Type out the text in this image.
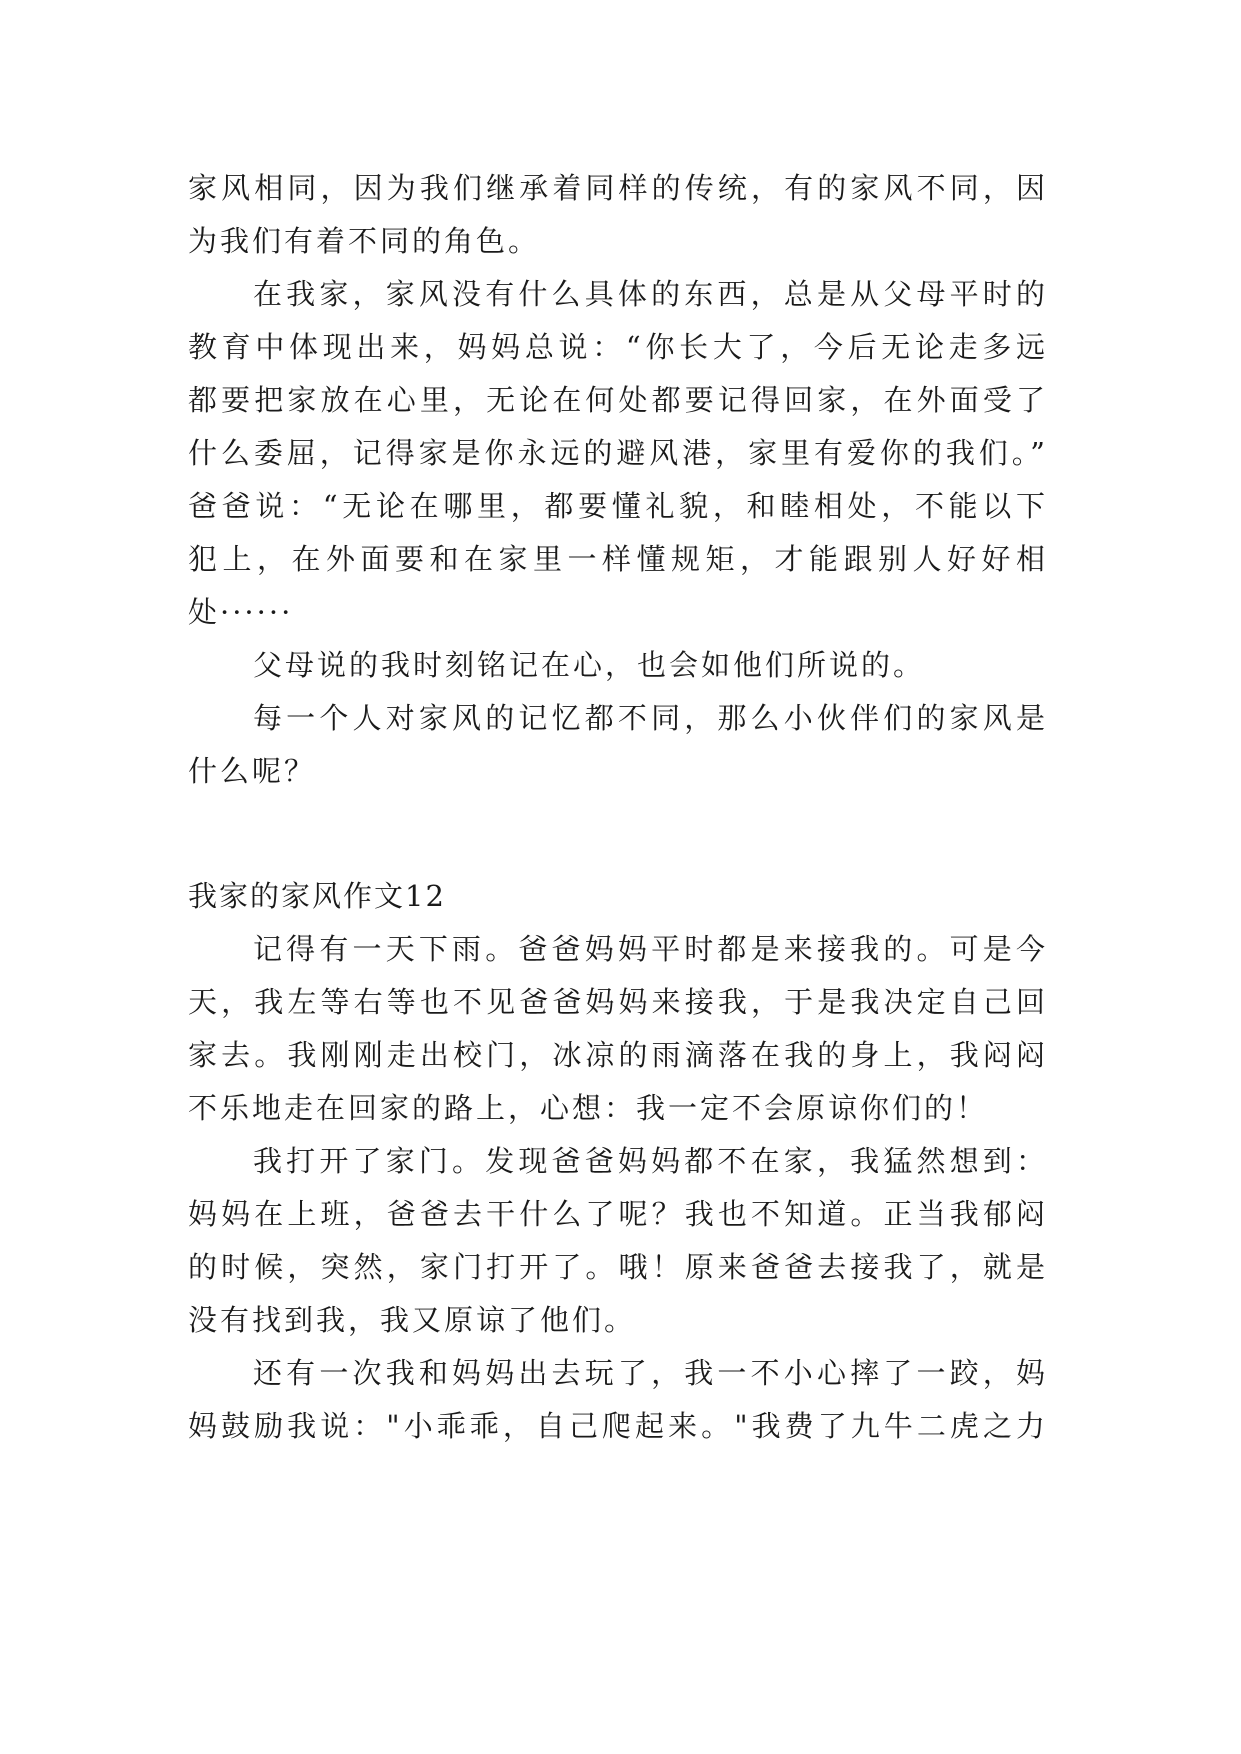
家风相同，因为我们继承着同样的传统，有的家风不同，因
为我们有着不同的角色。
在我家，家风没有什么具体的东西，总是从父母平时的
教育中体现出来，妈妈总说：“你长大了，今后无论走多远
都要把家放在心里，无论在何处都要记得回家，在外面受了
什么委屈，记得家是你永远的避风港，家里有爱你的我们。”
爸爸说：“无论在哪里，都要懂礼貌，和睦相处，不能以下
犯上，在外面要和在家里一样懂规矩，才能跟别人好好相
处······
父母说的我时刻铭记在心，也会如他们所说的。
每一个人对家风的记忆都不同，那么小伙伴们的家风是
什么呢？
我家的家风作文12
记得有一天下雨。爸爸妈妈平时都是来接我的。可是今
天，我左等右等也不见爸爸妈妈来接我，于是我决定自己回
家去。我刚刚走出校门，冰凉的雨滴落在我的身上，我闷闷
不乐地走在回家的路上，心想：我一定不会原谅你们的！
我打开了家门。发现爸爸妈妈都不在家，我猛然想到：
妈妈在上班，爸爸去干什么了呢？我也不知道。正当我郁闷
的时候，突然，家门打开了。哦！原来爸爸去接我了，就是
没有找到我，我又原谅了他们。
还有一次我和妈妈出去玩了，我一不小心摔了一跤，妈
妈鼓励我说："小乖乖，自己爬起来。"我费了九牛二虎之力
